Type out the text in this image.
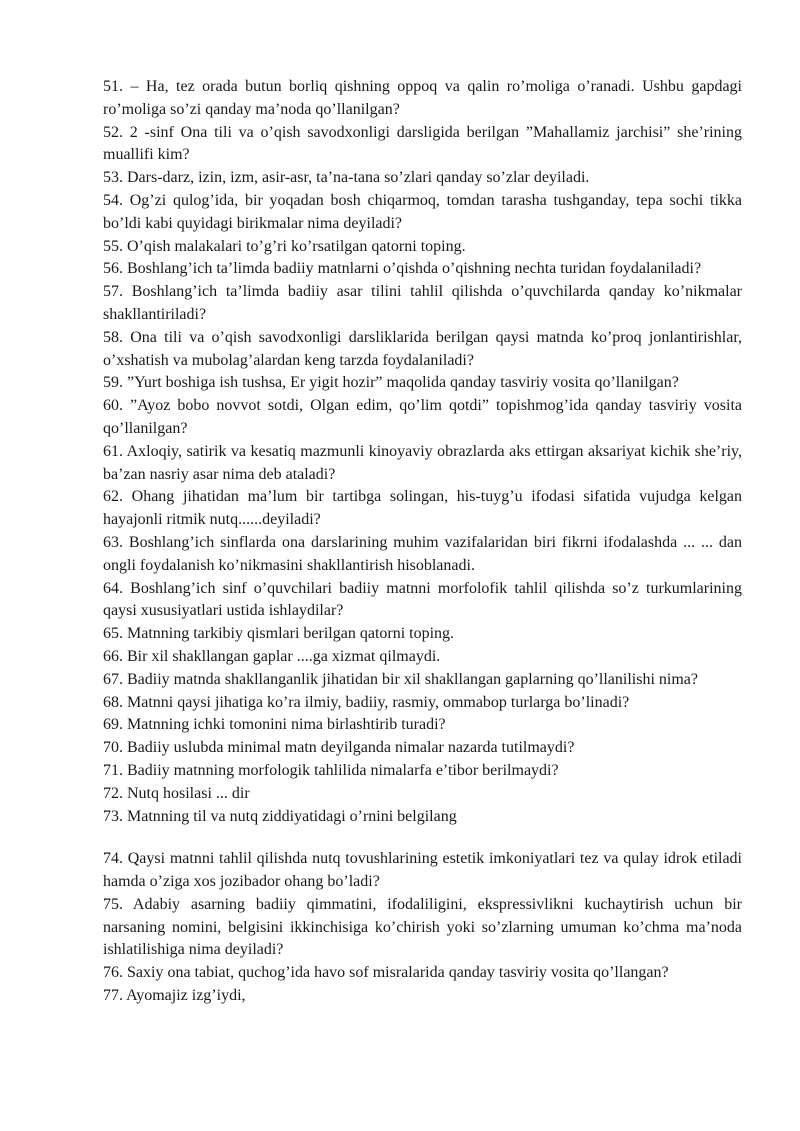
51. – Ha, tez orada butun borliq qishning oppoq va qalin ro’moliga o’ranadi. Ushbu gapdagi ro’moliga so’zi qanday ma’noda qo’llanilgan?

52. 2 -sinf Ona tili va o’qish savodxonligi darsligida berilgan ”Mahallamiz jarchisi” she’rining muallifi kim?

53. Dars-darz, izin, izm, asir-asr, ta’na-tana so’zlari qanday so’zlar deyiladi.

54. Og’zi qulog’ida, bir yoqadan bosh chiqarmoq, tomdan tarasha tushganday, tepa sochi tikka bo’ldi kabi quyidagi birikmalar nima deyiladi?

55. O’qish malakalari to’g’ri ko’rsatilgan qatorni toping.

56. Boshlang’ich ta’limda badiiy matnlarni o’qishda o’qishning nechta turidan foydalaniladi?

57. Boshlang’ich ta’limda badiiy asar tilini tahlil qilishda o’quvchilarda qanday ko’nikmalar shakllantiriladi?

58. Ona tili va o’qish savodxonligi darsliklarida berilgan qaysi matnda ko’proq jonlantirishlar, o’xshatish va mubolag’alardan keng tarzda foydalaniladi?

59. ”Yurt boshiga ish tushsa, Er yigit hozir” maqolida qanday tasviriy vosita qo’llanilgan?

60. ”Ayoz bobo novvot sotdi, Olgan edim, qo’lim qotdi” topishmog’ida qanday tasviriy vosita qo’llanilgan?

61. Axloqiy, satirik va kesatiq mazmunli kinoyaviy obrazlarda aks ettirgan aksariyat kichik she’riy, ba’zan nasriy asar nima deb ataladi?

62. Ohang jihatidan ma’lum bir tartibga solingan, his-tuyg’u ifodasi sifatida vujudga kelgan hayajonli ritmik nutq......deyiladi?

63. Boshlang’ich sinflarda ona darslarining muhim vazifalaridan biri fikrni ifodalashda ... ... dan ongli foydalanish ko’nikmasini shakllantirish hisoblanadi.

64. Boshlang’ich sinf o’quvchilari badiiy matnni morfolofik tahlil qilishda so’z turkumlarining qaysi xususiyatlari ustida ishlaydilar?

65. Matnning tarkibiy qismlari berilgan qatorni toping.

66. Bir xil shakllangan gaplar ....ga xizmat qilmaydi.

67. Badiiy matnda shakllanganlik jihatidan bir xil shakllangan gaplarning qo’llanilishi nima?

68. Matnni qaysi jihatiga ko’ra ilmiy, badiiy, rasmiy, ommabop turlarga bo’linadi?

69. Matnning ichki tomonini nima birlashtirib turadi?

70. Badiiy uslubda minimal matn deyilganda nimalar nazarda tutilmaydi?

71. Badiiy matnning morfologik tahlilida nimalarfa e’tibor berilmaydi?

72. Nutq hosilasi ... dir

73. Matnning til va nutq ziddiyatidagi o’rnini belgilang

74. Qaysi matnni tahlil qilishda nutq tovushlarining estetik imkoniyatlari tez va qulay idrok etiladi hamda o’ziga xos jozibador ohang bo’ladi?

75. Adabiy asarning badiiy qimmatini, ifodaliligini, ekspressivlikni kuchaytirish uchun bir narsaning nomini, belgisini ikkinchisiga ko’chirish yoki so’zlarning umuman ko’chma ma’noda ishlatilishiga nima deyiladi?

76. Saxiy ona tabiat, quchog’ida havo sof misralarida qanday tasviriy vosita qo’llangan?

77. Ayomajiz izg’iydi,
